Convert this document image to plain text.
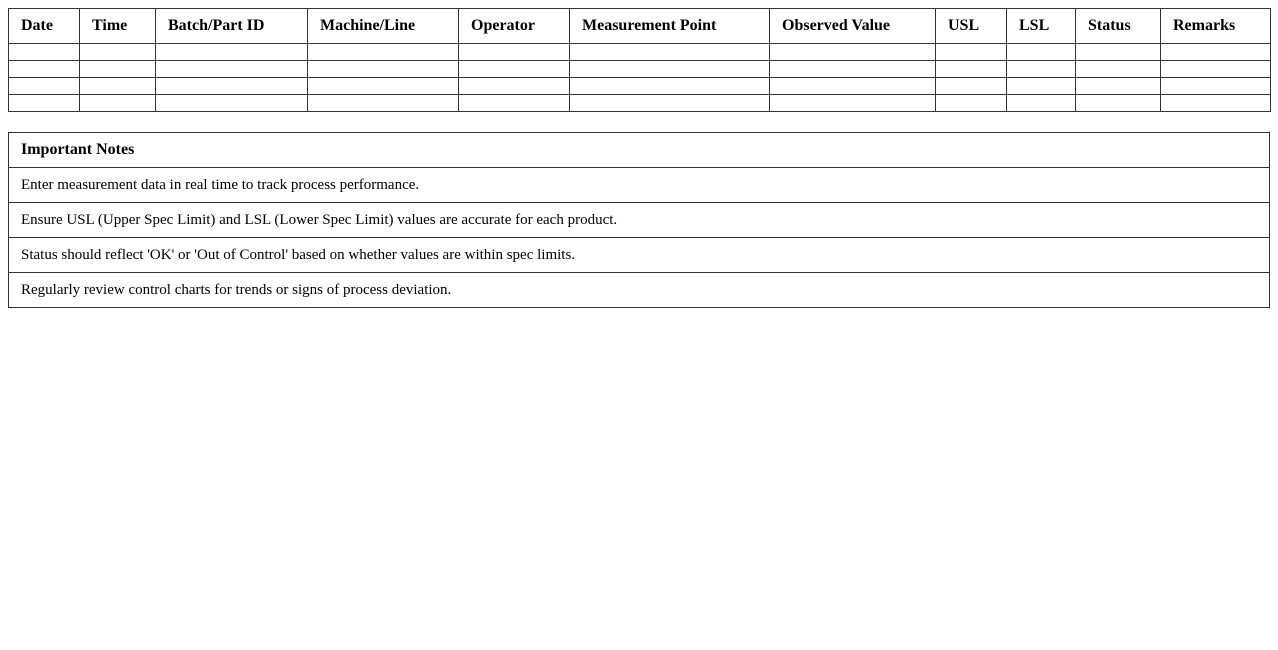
Date	Time	Batch/Part ID	Machine/Line	Operator	Measurement Point	Observed Value	USL	LSL	Status	Remarks

Important Notes
Enter measurement data in real time to track process performance.
Ensure USL (Upper Spec Limit) and LSL (Lower Spec Limit) values are accurate for each product.
Status should reflect 'OK' or 'Out of Control' based on whether values are within spec limits.
Regularly review control charts for trends or signs of process deviation.
